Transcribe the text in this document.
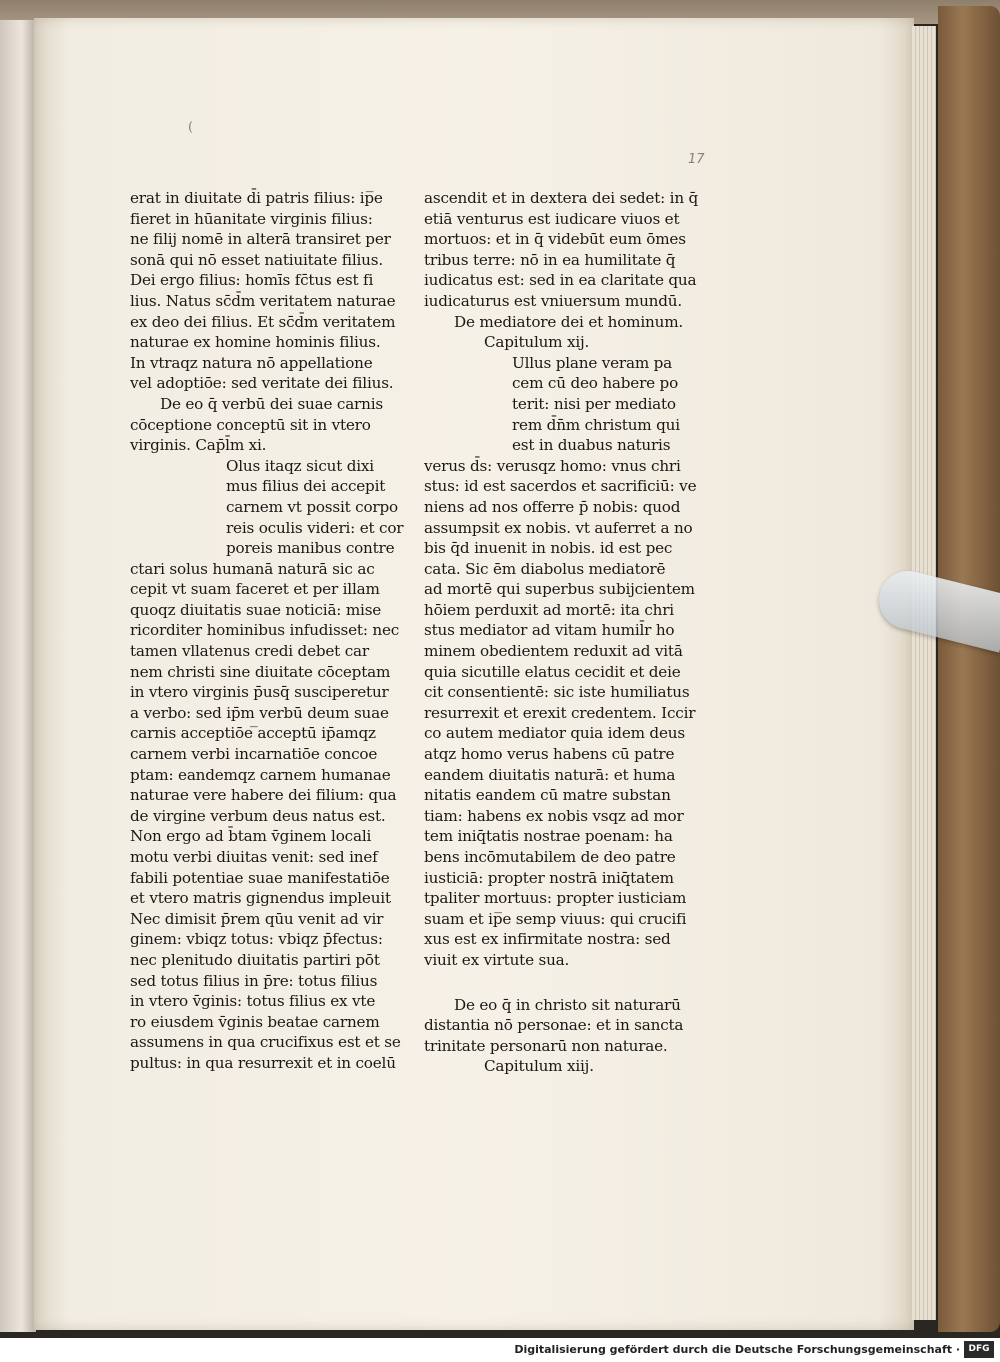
(
17
erat in diuitate d̄i patris filius: ip̅e
fieret in hūanitate virginis filius:
ne filij nomē in alterā transiret per
sonā qui nō esset natiuitate filius.
Dei ergo filius: homīs fc̄tus est fi
lius. Natus sc̄d̄m veritatem naturae
ex deo dei filius. Et sc̄d̄m veritatem
naturae ex homine hominis filius.
In vtraqz natura nō appellatione
vel adoptiōe: sed veritate dei filius.
De eo q̄ verbū dei suae carnis
cōceptione conceptū sit in vtero
virginis. Cap̄l̄m xi.
Olus itaqz sicut dixi
mus filius dei accepit
carnem vt possit corpo
reis oculis videri: et cor
poreis manibus contre
ctari solus humanā naturā sic ac
cepit vt suam faceret et per illam
quoqz diuitatis suae noticiā: mise
ricorditer hominibus infudisset: nec
tamen vllatenus credi debet car
nem christi sine diuitate cōceptam
in vtero virginis p̄usq̄ susciperetur
a verbo: sed ip̄m verbū deum suae
carnis acceptiōe ̅acceptū ip̄amqz
carnem verbi incarnatiōe concoe
ptam: eandemqz carnem humanae
naturae vere habere dei filium: qua
de virgine verbum deus natus est.
Non ergo ad b̄tam v̄ginem locali
motu verbi diuitas venit: sed inef
fabili potentiae suae manifestatiōe
et vtero matris gignendus impleuit
Nec dimisit p̄rem qūu venit ad vir
ginem: vbiqz totus: vbiqz p̄fectus:
nec plenitudo diuitatis partiri pōt
sed totus filius in p̄re: totus filius
in vtero v̄ginis: totus filius ex vte
ro eiusdem v̄ginis beatae carnem
assumens in qua crucifixus est et se
pultus: in qua resurrexit et in coelū
ascendit et in dextera dei sedet: in q̄
etiā venturus est iudicare viuos et
mortuos: et in q̄ videbūt eum ōmes
tribus terre: nō in ea humilitate q̄
iudicatus est: sed in ea claritate qua
iudicaturus est vniuersum mundū.
De mediatore dei et hominum.
Capitulum xij.
Ullus plane veram pa
cem cū deo habere po
terit: nisi per mediato
rem d̄n̄m christum qui
est in duabus naturis
verus d̄s: verusqz homo: vnus chri
stus: id est sacerdos et sacrificiū: ve
niens ad nos offerre p̄ nobis: quod
assumpsit ex nobis. vt auferret a no
bis q̄d inuenit in nobis. id est pec
cata. Sic ēm diabolus mediatorē
ad mortē qui superbus subijcientem
hōiem perduxit ad mortē: ita chri
stus mediator ad vitam humil̄r ho
minem obedientem reduxit ad vitā
quia sicutille elatus cecidit et deie
cit consentientē: sic iste humiliatus
resurrexit et erexit credentem. Iccir
co autem mediator quia idem deus
atqz homo verus habens cū patre
eandem diuitatis naturā: et huma
nitatis eandem cū matre substan
tiam: habens ex nobis vsqz ad mor
tem iniq̄tatis nostrae poenam: ha
bens incōmutabilem de deo patre
iusticiā: propter nostrā iniq̄tatem
tpaliter mortuus: propter iusticiam
suam et ip̅e semp viuus: qui crucifi
xus est ex infirmitate nostra: sed
viuit ex virtute sua.
De eo q̄ in christo sit naturarū
distantia nō personae: et in sancta
trinitate personarū non naturae.
Capitulum xiij.
Digitalisierung gefördert durch die Deutsche Forschungsgemeinschaft · DFG
